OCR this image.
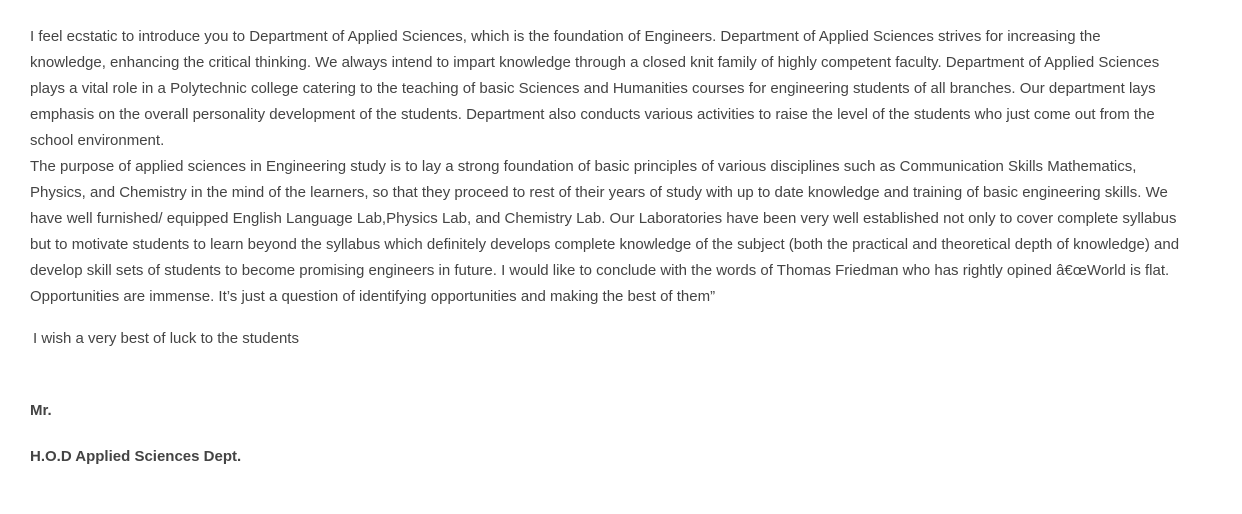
I feel ecstatic to introduce you to Department of Applied Sciences, which is the foundation of Engineers. Department of Applied Sciences strives for increasing the knowledge, enhancing the critical thinking. We always intend to impart knowledge through a closed knit family of highly competent faculty. Department of Applied Sciences plays a vital role in a Polytechnic college catering to the teaching of basic Sciences and Humanities courses for engineering students of all branches. Our department lays emphasis on the overall personality development of the students. Department also conducts various activities to raise the level of the students who just come out from the school environment.

The purpose of applied sciences in Engineering study is to lay a strong foundation of basic principles of various disciplines such as Communication Skills Mathematics, Physics, and Chemistry in the mind of the learners, so that they proceed to rest of their years of study with up to date knowledge and training of basic engineering skills. We have well furnished/ equipped English Language Lab,Physics Lab, and Chemistry Lab. Our Laboratories have been very well established not only to cover complete syllabus but to motivate students to learn beyond the syllabus which definitely develops complete knowledge of the subject (both the practical and theoretical depth of knowledge) and develop skill sets of students to become promising engineers in future. I would like to conclude with the words of Thomas Friedman who has rightly opined â€œWorld is flat. Opportunities are immense. It’s just a question of identifying opportunities and making the best of them”

I wish a very best of luck to the students

Mr.

H.O.D Applied Sciences Dept.
